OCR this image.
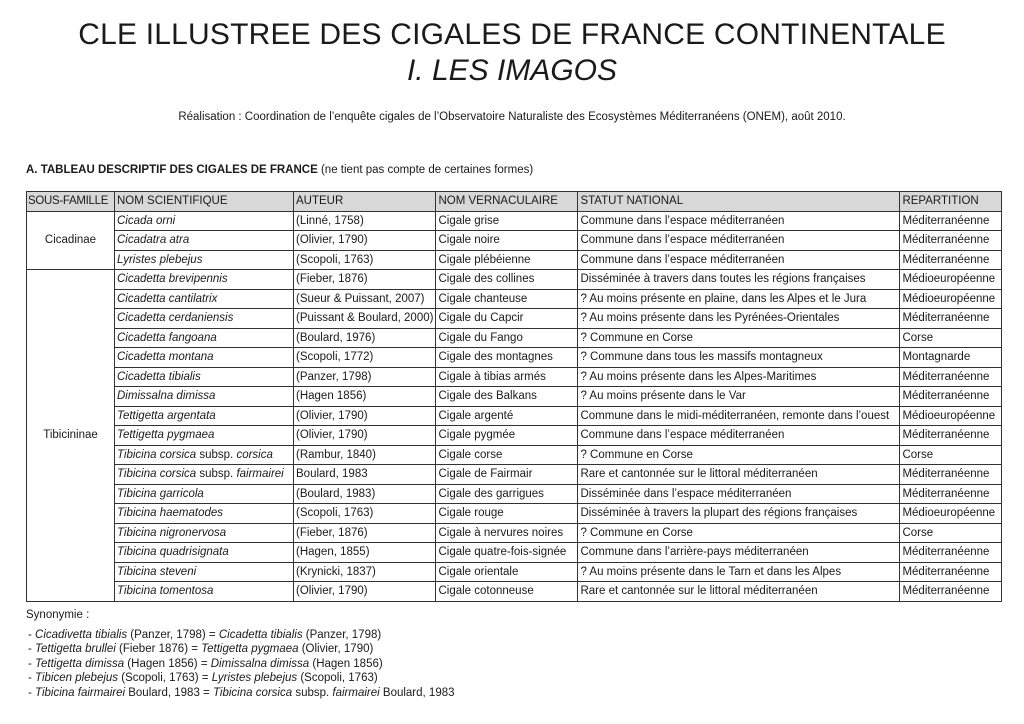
CLE ILLUSTREE DES CIGALES DE FRANCE CONTINENTALE
I. LES IMAGOS
Réalisation : Coordination de l’enquête cigales de l’Observatoire Naturaliste des Ecosystèmes Méditerranéens (ONEM), août 2010.
A. TABLEAU DESCRIPTIF DES CIGALES DE FRANCE (ne tient pas compte de certaines formes)
SOUS-FAMILLE	NOM SCIENTIFIQUE	AUTEUR	NOM VERNACULAIRE	STATUT NATIONAL	REPARTITION
Cicadinae	Cicada orni	(Linné, 1758)	Cigale grise	Commune dans l’espace méditerranéen	Méditerranéenne
	Cicadatra atra	(Olivier, 1790)	Cigale noire	Commune dans l’espace méditerranéen	Méditerranéenne
	Lyristes plebejus	(Scopoli, 1763)	Cigale plébéienne	Commune dans l’espace méditerranéen	Méditerranéenne
Tibicininae	Cicadetta brevipennis	(Fieber, 1876)	Cigale des collines	Disséminée à travers dans toutes les régions françaises	Médioeuropéenne
	Cicadetta cantilatrix	(Sueur & Puissant, 2007)	Cigale chanteuse	? Au moins présente en plaine, dans les Alpes et le Jura	Médioeuropéenne
	Cicadetta cerdaniensis	(Puissant & Boulard, 2000)	Cigale du Capcir	? Au moins présente dans les Pyrénées-Orientales	Méditerranéenne
	Cicadetta fangoana	(Boulard, 1976)	Cigale du Fango	? Commune en Corse	Corse
	Cicadetta montana	(Scopoli, 1772)	Cigale des montagnes	? Commune dans tous les massifs montagneux	Montagnarde
	Cicadetta tibialis	(Panzer, 1798)	Cigale à tibias armés	? Au moins présente dans les Alpes-Maritimes	Méditerranéenne
	Dimissalna dimissa	(Hagen 1856)	Cigale des Balkans	? Au moins présente dans le Var	Méditerranéenne
	Tettigetta argentata	(Olivier, 1790)	Cigale argenté	Commune dans le midi-méditerranéen, remonte dans l’ouest	Médioeuropéenne
	Tettigetta pygmaea	(Olivier, 1790)	Cigale pygmée	Commune dans l’espace méditerranéen	Méditerranéenne
	Tibicina corsica subsp. corsica	(Rambur, 1840)	Cigale corse	? Commune en Corse	Corse
	Tibicina corsica subsp. fairmairei	Boulard, 1983	Cigale de Fairmair	Rare et cantonnée sur le littoral méditerranéen	Méditerranéenne
	Tibicina garricola	(Boulard, 1983)	Cigale des garrigues	Disséminée dans l’espace méditerranéen	Méditerranéenne
	Tibicina haematodes	(Scopoli, 1763)	Cigale rouge	Disséminée à travers la plupart des régions françaises	Médioeuropéenne
	Tibicina nigronervosa	(Fieber, 1876)	Cigale à nervures noires	? Commune en Corse	Corse
	Tibicina quadrisignata	(Hagen, 1855)	Cigale quatre-fois-signée	Commune dans l’arrière-pays méditerranéen	Méditerranéenne
	Tibicina steveni	(Krynicki, 1837)	Cigale orientale	? Au moins présente dans le Tarn et dans les Alpes	Méditerranéenne
	Tibicina tomentosa	(Olivier, 1790)	Cigale cotonneuse	Rare et cantonnée sur le littoral méditerranéen	Méditerranéenne
Synonymie :
- Cicadivetta tibialis (Panzer, 1798) = Cicadetta tibialis (Panzer, 1798)
- Tettigetta brullei (Fieber 1876) = Tettigetta pygmaea (Olivier, 1790)
- Tettigetta dimissa (Hagen 1856) = Dimissalna dimissa (Hagen 1856)
- Tibicen plebejus (Scopoli, 1763) = Lyristes plebejus (Scopoli, 1763)
- Tibicina fairmairei Boulard, 1983 = Tibicina corsica subsp. fairmairei Boulard, 1983
